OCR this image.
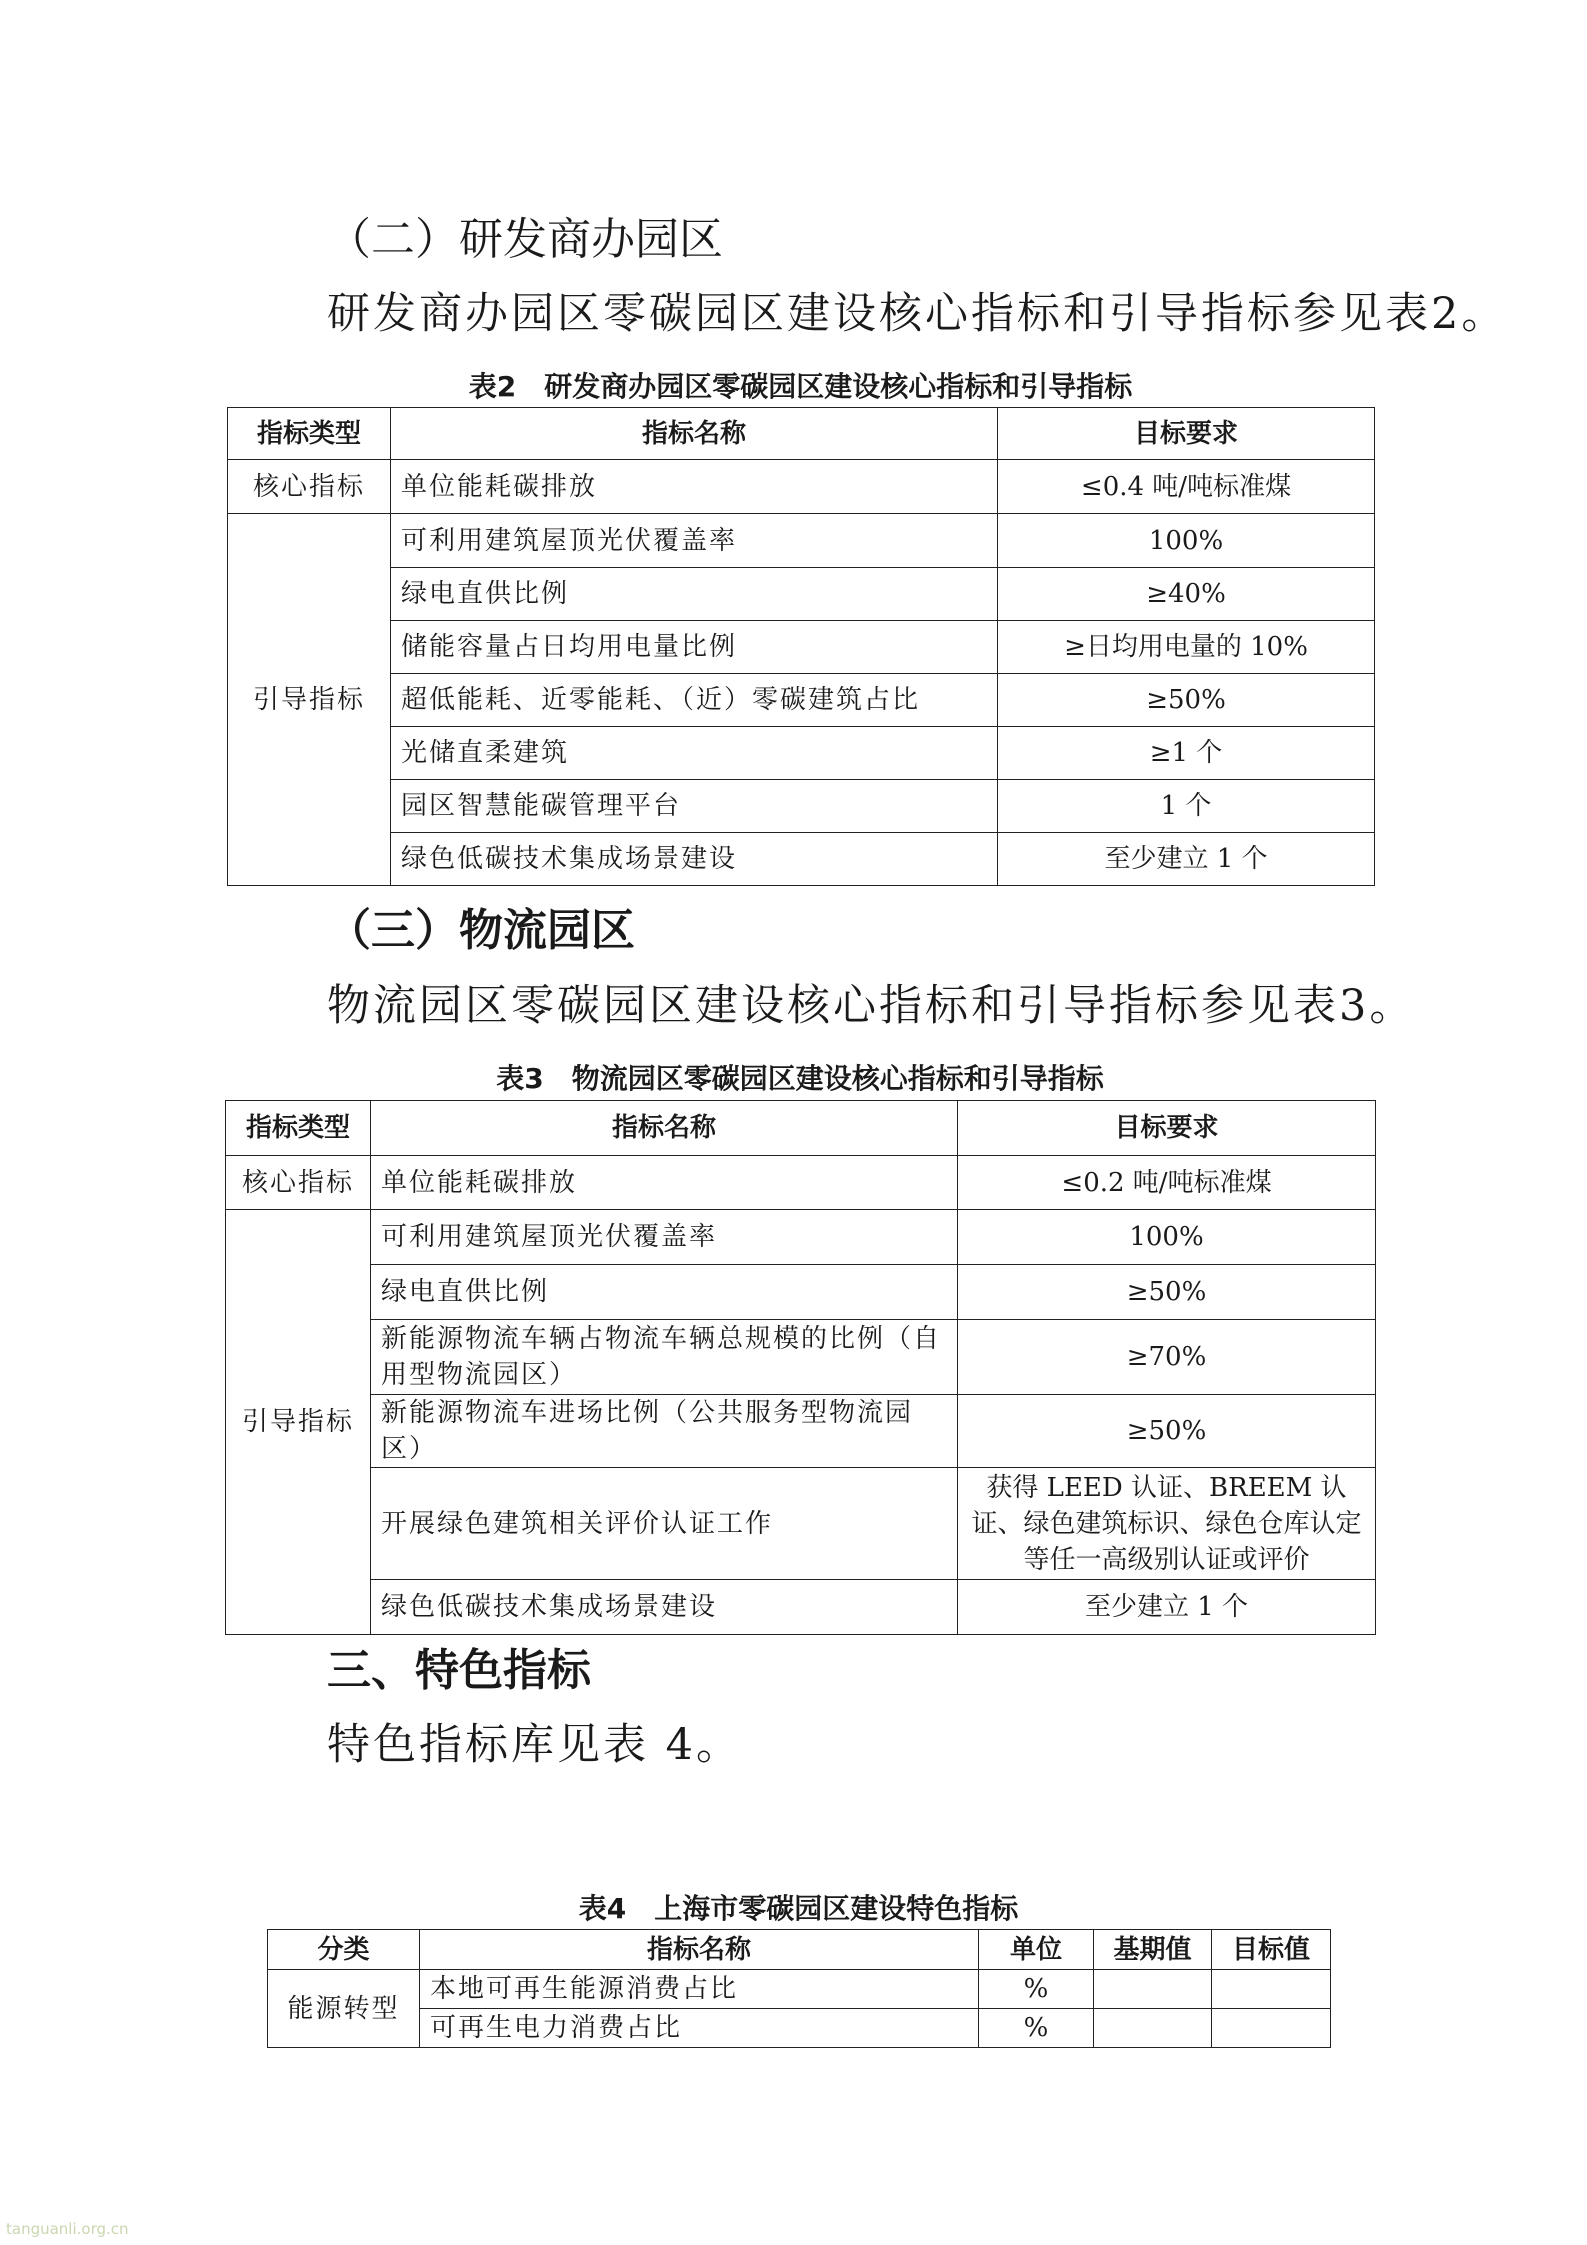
（二）研发商办园区
研发商办园区零碳园区建设核心指标和引导指标参见表2。
表2　研发商办园区零碳园区建设核心指标和引导指标
指标类型	指标名称	目标要求
核心指标	单位能耗碳排放	≤0.4 吨/吨标准煤
引导指标	可利用建筑屋顶光伏覆盖率	100%
	绿电直供比例	≥40%
	储能容量占日均用电量比例	≥日均用电量的 10%
	超低能耗、近零能耗、（近）零碳建筑占比	≥50%
	光储直柔建筑	≥1 个
	园区智慧能碳管理平台	1 个
	绿色低碳技术集成场景建设	至少建立 1 个
（三）物流园区
物流园区零碳园区建设核心指标和引导指标参见表3。
表3　物流园区零碳园区建设核心指标和引导指标
指标类型	指标名称	目标要求
核心指标	单位能耗碳排放	≤0.2 吨/吨标准煤
引导指标	可利用建筑屋顶光伏覆盖率	100%
	绿电直供比例	≥50%
	新能源物流车辆占物流车辆总规模的比例（自用型物流园区）	≥70%
	新能源物流车进场比例（公共服务型物流园区）	≥50%
	开展绿色建筑相关评价认证工作	获得 LEED 认证、BREEM 认证、绿色建筑标识、绿色仓库认定等任一高级别认证或评价
	绿色低碳技术集成场景建设	至少建立 1 个
三、特色指标
特色指标库见表 4。
表4　上海市零碳园区建设特色指标
分类	指标名称	单位	基期值	目标值
能源转型	本地可再生能源消费占比	%		
	可再生电力消费占比	%		
tanguanli.org.cn
